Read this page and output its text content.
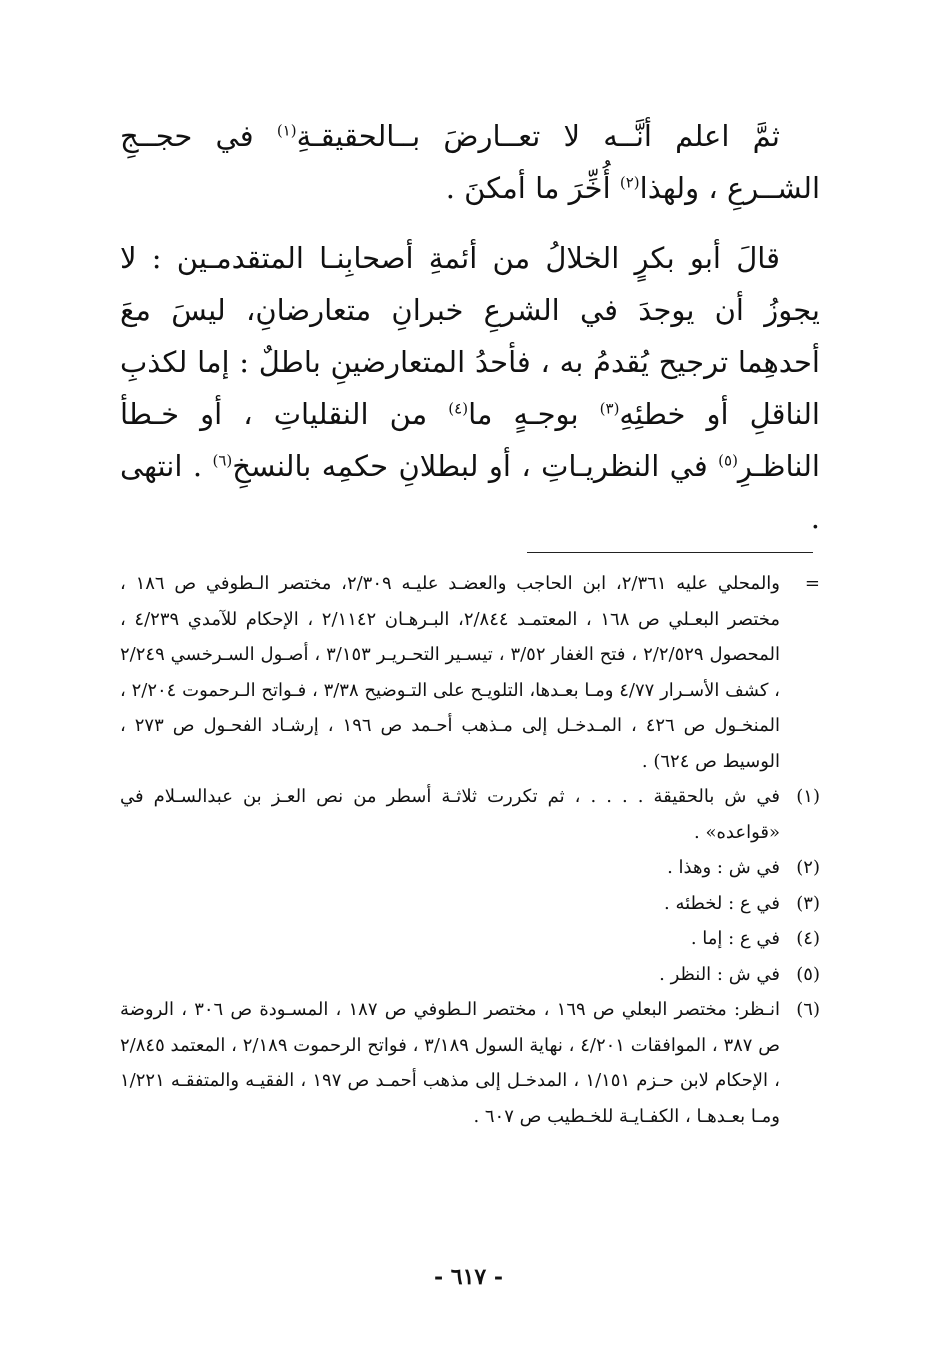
ثمَّ اعلم أنَّــه لا تعــارضَ بــالحقيقـةِ$^{(١)}$ في حجــجِ الشــرعِ ، ولهذا$^{(٢)}$ أُخِّرَ ما أمكنَ .

قالَ أبو بكرٍ الخلالُ من أئمةِ أصحابِنـا المتقدمـين : لا يجوزُ أن يوجدَ في الشرعِ خبرانِ متعارضانِ، ليسَ معَ أحدهِما ترجيح يُقدمُ به ، فأحدُ المتعارضينِ باطلٌ : إما لكذبِ الناقلِ أو خطئِهِ$^{(٣)}$ بوجـهٍ ما$^{(٤)}$ من النقلياتِ ، أو خـطأ الناظـرِ$^{(٥)}$ في النظريـاتِ ، أو لبطلانِ حكمِه بالنسخِ$^{(٦)}$ . انتهى .

=
والمحلي عليه ٢/٣٦١، ابن الحاجب والعضـد عليـه ٢/٣٠٩، مختصر الـطوفي ص ١٨٦ ، مختصر البعـلي ص ١٦٨ ، المعتمـد ٢/٨٤٤، البـرهـان ٢/١١٤٢ ، الإحكام للآمدي ٤/٢٣٩ ، المحصول ٢/٢/٥٢٩ ، فتح الغفار ٣/٥٢ ، تيسـير التحـريـر ٣/١٥٣ ، أصـول السـرخسي ٢/٢٤٩ ، كشف الأسـرار ٤/٧٧ ومـا بعـدها، التلويـح على التـوضيح ٣/٣٨ ، فـواتح الـرحموت ٢/٢٠٤ ، المنخـول ص ٤٢٦ ، المـدخـل إلى مـذهب أحـمد ص ١٩٦ ، إرشـاد الفحـول ص ٢٧٣ ، الوسيط ص ٦٢٤) .
(١)
في ش بالحقيقة . . . . ، ثم تكررت ثلاثـة أسطر من نص العـز بن عبدالسـلام في «قواعده» .
(٢)
في ش : وهذا .
(٣)
في ع : لخطئه .
(٤)
في ع : إما .
(٥)
في ش : النظر .
(٦)
انـظر: مختصر البعلي ص ١٦٩ ، مختصر الـطوفي ص ١٨٧ ، المسـودة ص ٣٠٦ ، الروضة ص ٣٨٧ ، الموافقات ٤/٢٠١ ، نهاية السول ٣/١٨٩ ، فواتح الرحموت ٢/١٨٩ ، المعتمد ٢/٨٤٥ ، الإحكام لابن حـزم ١/١٥١ ، المدخـل إلى مذهب أحمـد ص ١٩٧ ، الفقيـه والمتفقـه ١/٢٢١ ومـا بعـدهـا ، الكفـايـة للخـطيب ص ٦٠٧ .
- ٦١٧ -
